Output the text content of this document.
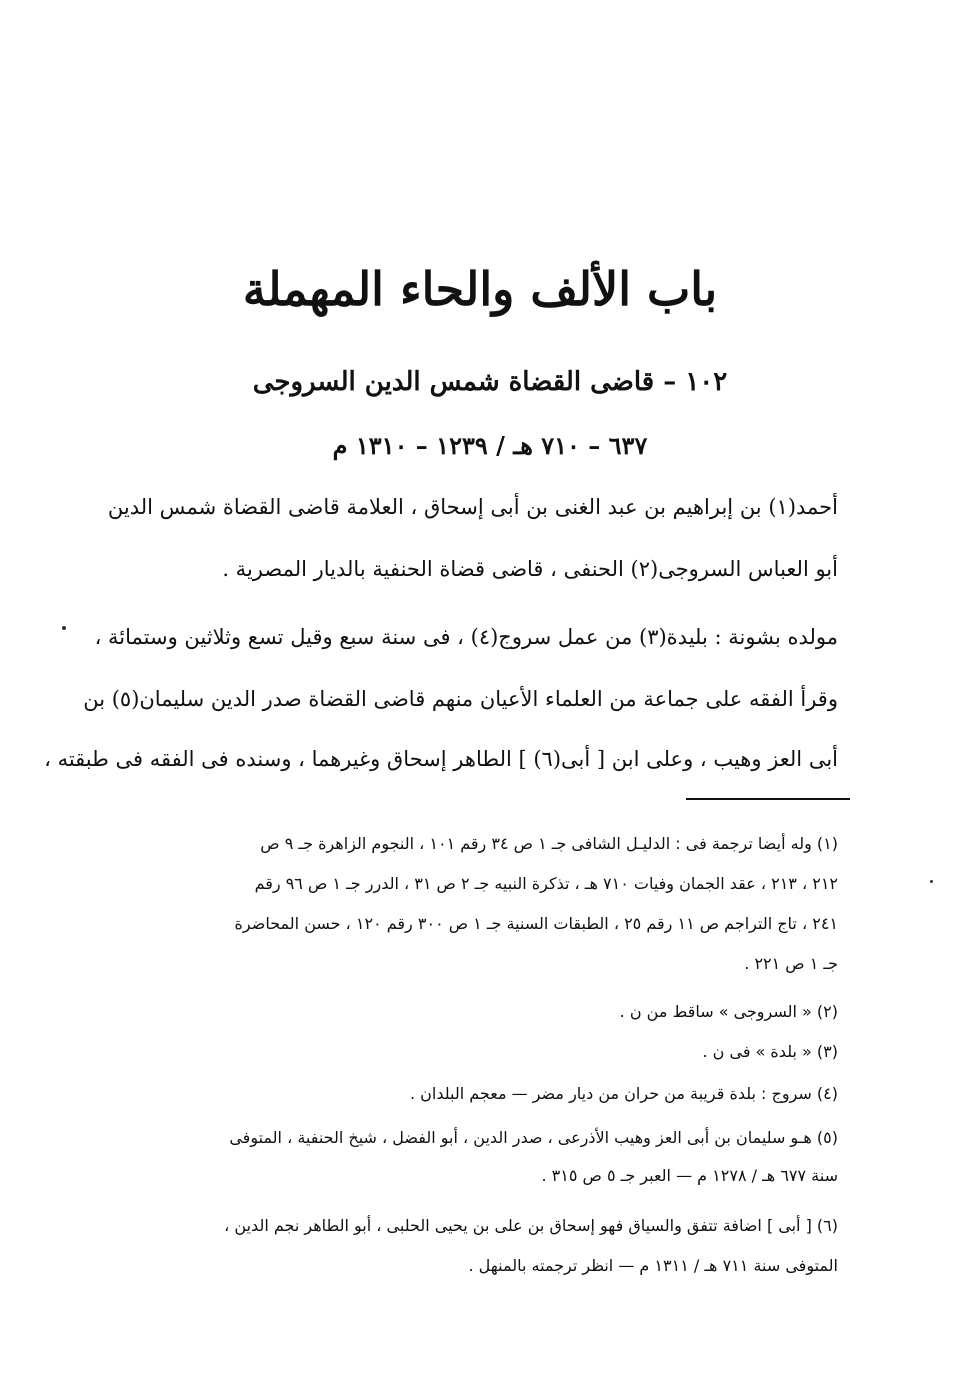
باب الألف والحاء المهملة
١٠٢ – قاضى القضاة شمس الدين السروجى
٦٣٧ – ٧١٠ هـ / ١٢٣٩ – ١٣١٠ م
أحمد(١) بن إبراهيم بن عبد الغنى بن أبى إسحاق ، العلامة قاضى القضاة شمس الدين
أبو العباس السروجى(٢) الحنفى ، قاضى قضاة الحنفية بالديار المصرية .
مولده بشونة : بليدة(٣) من عمل سروج(٤) ، فى سنة سبع وقيل تسع وثلاثين وستمائة ،
وقرأ الفقه على جماعة من العلماء الأعيان منهم قاضى القضاة صدر الدين سليمان(٥) بن
أبى العز وهيب ، وعلى ابن [ أبى(٦) ] الطاهر إسحاق وغيرهما ، وسنده فى الفقه فى طبقته ،
(١) وله أيضا ترجمة فى : الدليـل الشافى جـ ١ ص ٣٤ رقم ١٠١ ، النجوم الزاهرة جـ ٩ ص
٢١٢ ، ٢١٣ ، عقد الجمان وفيات ٧١٠ هـ ، تذكرة النبيه جـ ٢ ص ٣١ ، الدرر جـ ١ ص ٩٦ رقم
٢٤١ ، تاج التراجم ص ١١ رقم ٢٥ ، الطبقات السنية جـ ١ ص ٣٠٠ رقم ١٢٠ ، حسن المحاضرة
جـ ١ ص ٢٢١ .
(٢) « السروجى » ساقط من ن .
(٣) « بلدة » فى ن .
(٤) سروج : بلدة قريبة من حران من ديار مضر — معجم البلدان .
(٥) هـو سليمان بن أبى العز وهيب الأذرعى ، صدر الدين ، أبو الفضل ، شيخ الحنفية ، المتوفى
سنة ٦٧٧ هـ / ١٢٧٨ م — العبر جـ ٥ ص ٣١٥ .
(٦) [ أبى ] اضافة تتفق والسياق فهو إسحاق بن على بن يحيى الحلبى ، أبو الطاهر نجم الدين ،
المتوفى سنة ٧١١ هـ / ١٣١١ م — انظر ترجمته بالمنهل .
